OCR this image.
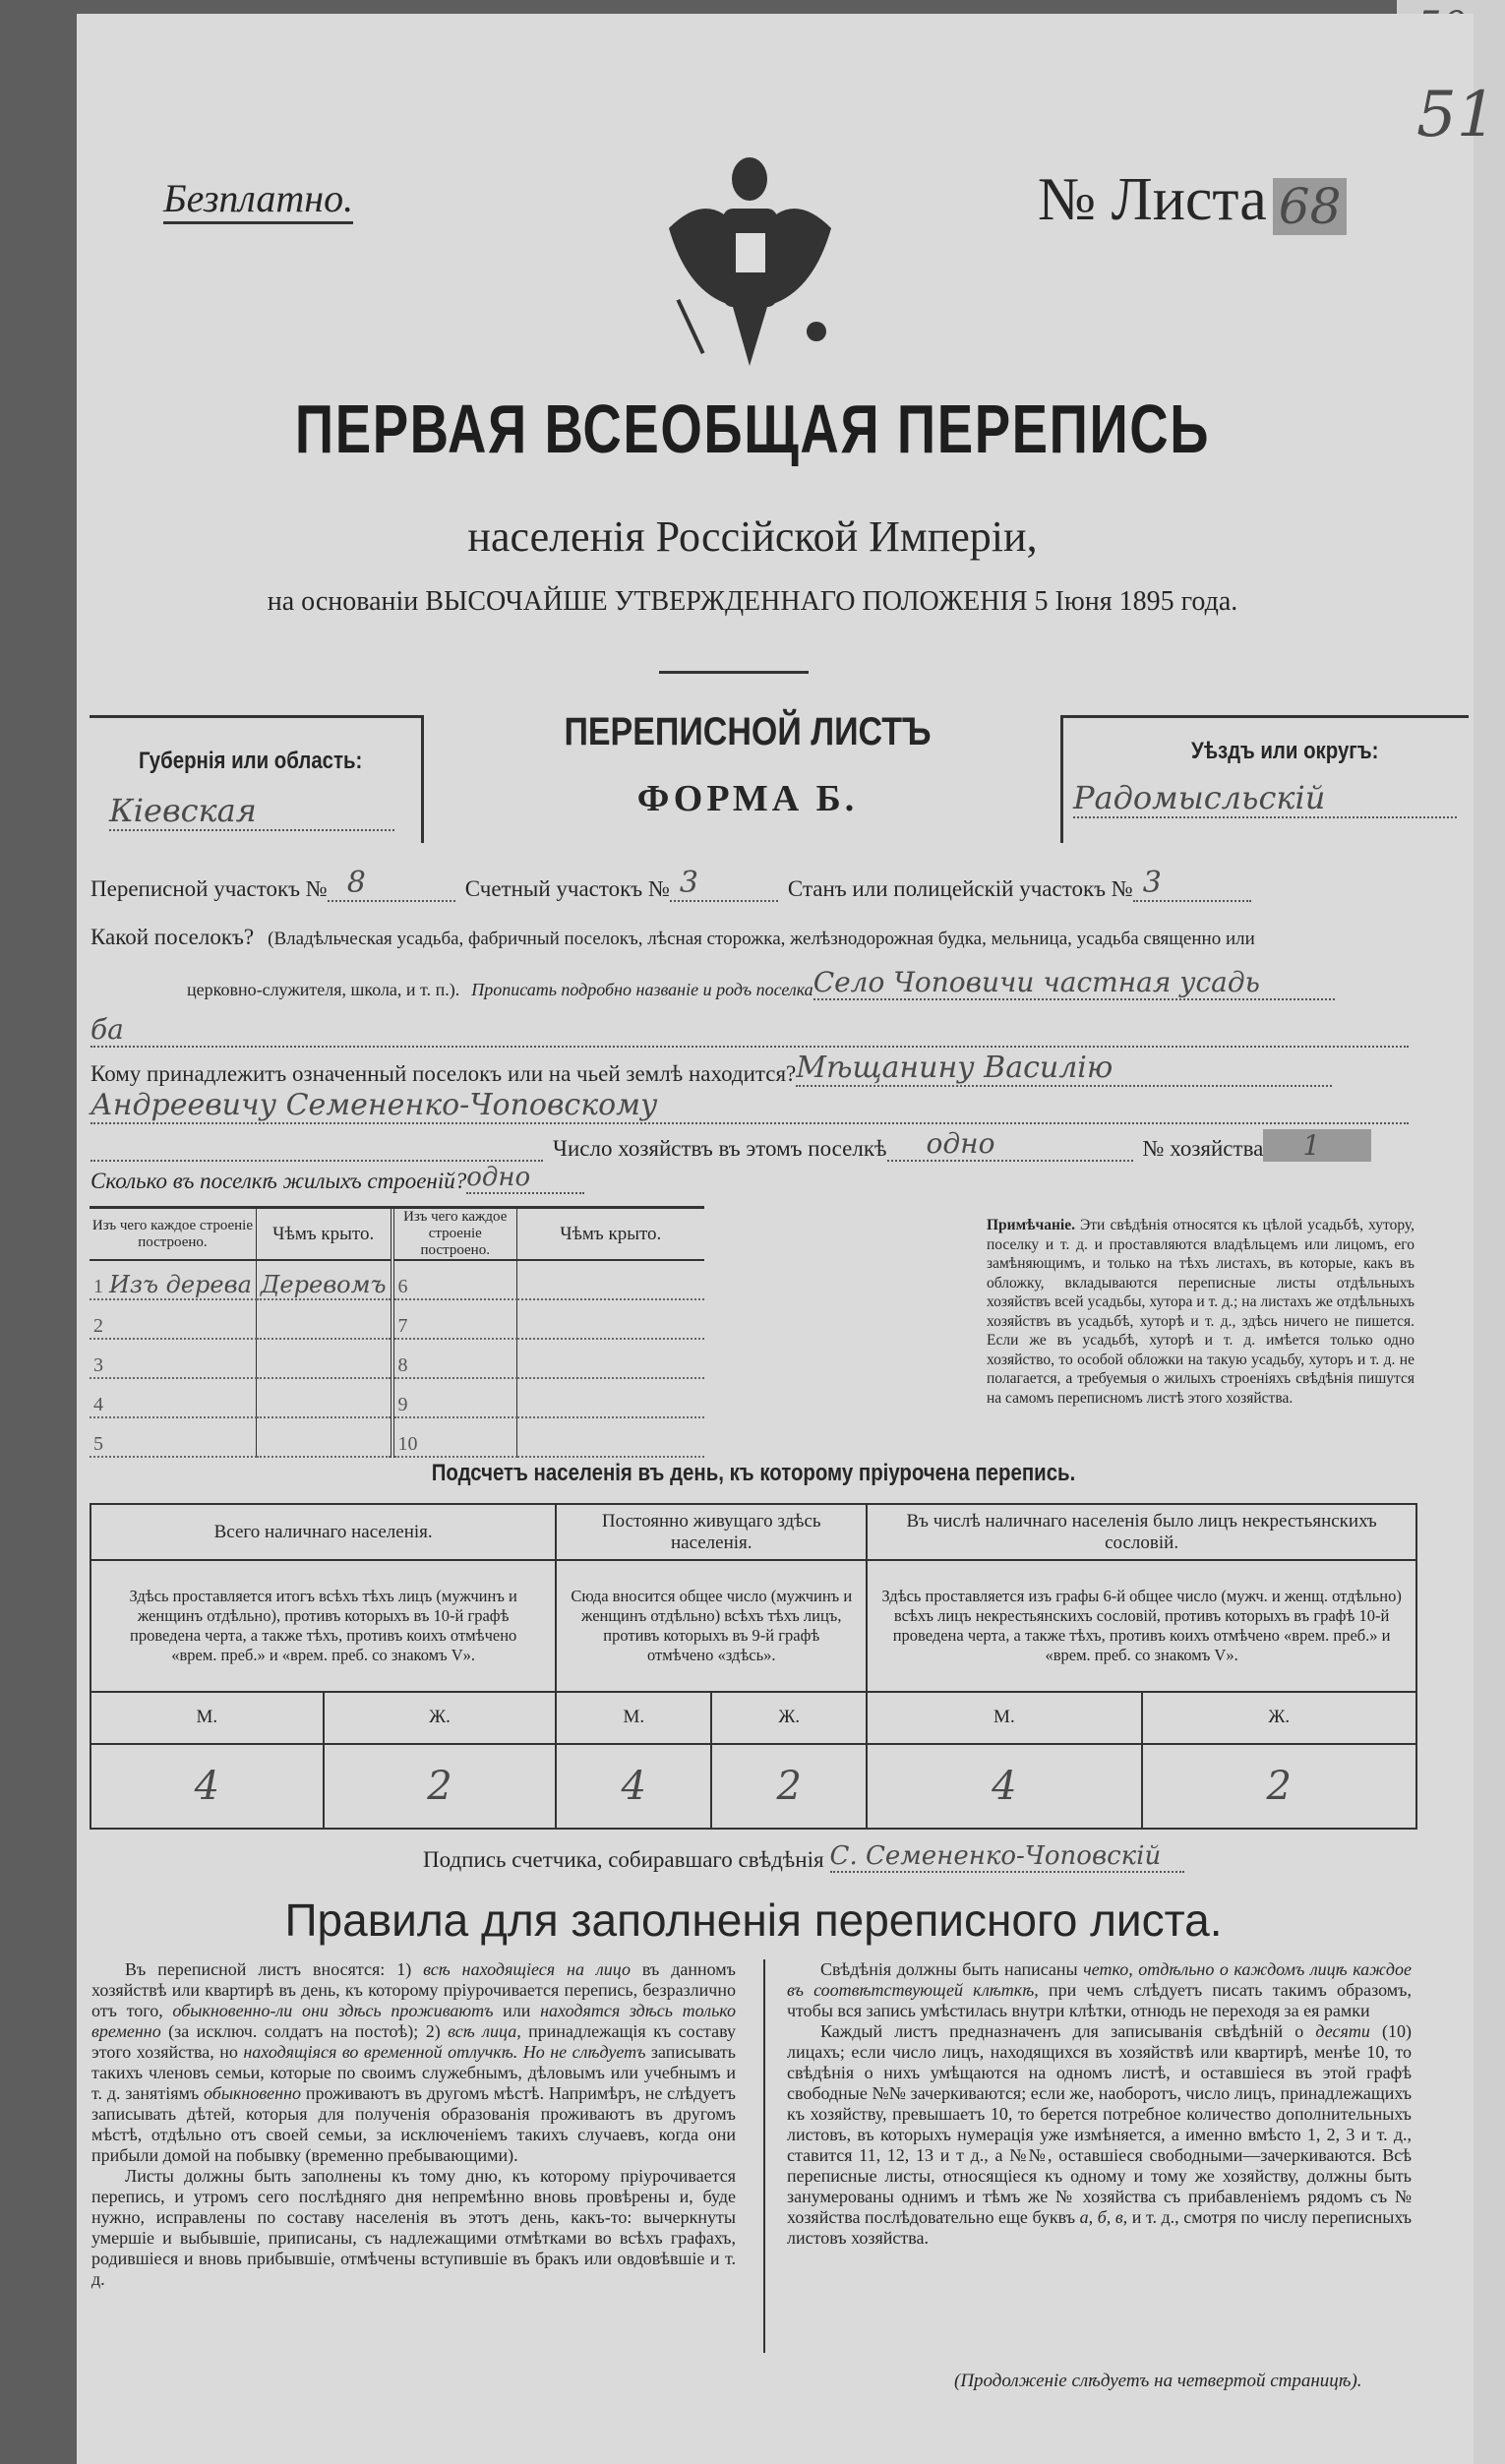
51
Безплатно.	№ Листа 68
ПЕРВАЯ ВСЕОБЩАЯ ПЕРЕПИСЬ
населенія Россійской Имперіи,
на основаніи ВЫСОЧАЙШЕ УТВЕРЖДЕННАГО ПОЛОЖЕНІЯ 5 Іюня 1895 года.
Губернія или область:
Кіевская
ПЕРЕПИСНОЙ ЛИСТЪ
ФОРМА Б.
Уѣздъ или округъ:
Радомысльскій
Переписной участокъ № 8	Счетный участокъ № 3	Станъ или полицейскій участокъ № 3
Какой поселокъ? (Владѣльческая усадьба, фабричный поселокъ, лѣсная сторожка, желѣзнодорожная будка, мельница, усадьба священно или
церковно-служителя, школа, и т. п.). Прописать подробно названіе и родъ поселка Село Чоповичи частная усадь
ба
Кому принадлежитъ означенный поселокъ или на чьей землѣ находится? Мѣщанину Василію
Андреевичу Семененко-Чоповскому
Число хозяйствъ въ этомъ поселкѣ	одно	№ хозяйства	1
Сколько въ поселкѣ жилыхъ строеній? одно
Изъ чего каждое строеніе построено.	Чѣмъ крыто.	Изъ чего каждое строеніе построено.	Чѣмъ крыто.
1 Изъ дерева	Деревомъ	6	
2		7	
3		8	
4		9	
5		10	
Примѣчаніе. Эти свѣдѣнія относятся къ цѣлой усадьбѣ, хутору, поселку и т. д. и проставляются владѣльцемъ или лицомъ, его замѣняющимъ, и только на тѣхъ листахъ, въ которые, какъ въ обложку, вкладываются переписные листы отдѣльныхъ хозяйствъ всей усадьбы, хутора и т. д.; на листахъ же отдѣльныхъ хозяйствъ въ усадьбѣ, хуторѣ и т. д., здѣсь ничего не пишется. Если же въ усадьбѣ, хуторѣ и т. д. имѣется только одно хозяйство, то особой обложки на такую усадьбу, хуторъ и т. д. не полагается, а требуемыя о жилыхъ строеніяхъ свѣдѣнія пишутся на самомъ переписномъ листѣ этого хозяйства.
Подсчетъ населенія въ день, къ которому пріурочена перепись.
Всего наличнаго населенія.		Постоянно живущаго здѣсь населенія.		Въ числѣ наличнаго населенія было лицъ некрестьянскихъ сословій.	
Здѣсь проставляется итогъ всѣхъ тѣхъ лицъ (мужчинъ и женщинъ отдѣльно), противъ которыхъ въ 10-й графѣ проведена черта, а также тѣхъ, противъ коихъ отмѣчено «врем. преб.» и «врем. преб. со знакомъ V».		Сюда вносится общее число (мужчинъ и женщинъ отдѣльно) всѣхъ тѣхъ лицъ, противъ которыхъ въ 9-й графѣ отмѣчено «здѣсь».		Здѣсь проставляется изъ графы 6-й общее число (мужч. и женщ. отдѣльно) всѣхъ лицъ некрестьянскихъ сословій, противъ которыхъ въ графѣ 10-й проведена черта, а также тѣхъ, противъ коихъ отмѣчено «врем. преб.» и «врем. преб. со знакомъ V».	
М.	Ж.	М.	Ж.	М.	Ж.
4	2	4	2	4	2
Подпись счетчика, собиравшаго свѣдѣнія С. Семененко-Чоповскій
Правила для заполненія переписного листа.

Въ переписной листъ вносятся: 1) всѣ находящіеся на лицо въ данномъ хозяйствѣ или квартирѣ въ день, къ которому пріурочивается перепись, безразлично отъ того, обыкновенно-ли они здѣсь проживаютъ или находятся здѣсь только временно (за исключ. солдатъ на постоѣ); 2) всѣ лица, принадлежащія къ составу этого хозяйства, но находящіяся во временной отлучкѣ. Но не слѣдуетъ записывать такихъ членовъ семьи, которые по своимъ служебнымъ, дѣловымъ или учебнымъ и т. д. занятіямъ обыкновенно проживаютъ въ другомъ мѣстѣ. Напримѣръ, не слѣдуетъ записывать дѣтей, которыя для полученія образованія проживаютъ въ другомъ мѣстѣ, отдѣльно отъ своей семьи, за исключеніемъ такихъ случаевъ, когда они прибыли домой на побывку (временно пребывающими).

Листы должны быть заполнены къ тому дню, къ которому пріурочивается перепись, и утромъ сего послѣдняго дня непремѣнно вновь провѣрены и, буде нужно, исправлены по составу населенія въ этотъ день, какъ-то: вычеркнуты умершіе и выбывшіе, приписаны, съ надлежащими отмѣтками во всѣхъ графахъ, родившіеся и вновь прибывшіе, отмѣчены вступившіе въ бракъ или овдовѣвшіе и т. д.

Свѣдѣнія должны быть написаны четко, отдѣльно о каждомъ лицѣ каждое въ соотвѣтствующей клѣткѣ, при чемъ слѣдуетъ писать такимъ образомъ, чтобы вся запись умѣстилась внутри клѣтки, отнюдь не переходя за ея рамки

Каждый листъ предназначенъ для записыванія свѣдѣній о десяти (10) лицахъ; если число лицъ, находящихся въ хозяйствѣ или квартирѣ, менѣе 10, то свѣдѣнія о нихъ умѣщаются на одномъ листѣ, и оставшіеся въ этой графѣ свободные №№ зачеркиваются; если же, наоборотъ, число лицъ, принадлежащихъ къ хозяйству, превышаетъ 10, то берется потребное количество дополнительныхъ листовъ, въ которыхъ нумерація уже измѣняется, а именно вмѣсто 1, 2, 3 и т. д., ставится 11, 12, 13 и т д., а №№, оставшіеся свободными—зачеркиваются. Всѣ переписные листы, относящіеся къ одному и тому же хозяйству, должны быть занумерованы однимъ и тѣмъ же № хозяйства съ прибавленіемъ рядомъ съ № хозяйства послѣдовательно еще буквъ а, б, в, и т. д., смотря по числу переписныхъ листовъ хозяйства.

(Продолженіе слѣдуетъ на четвертой страницѣ).
